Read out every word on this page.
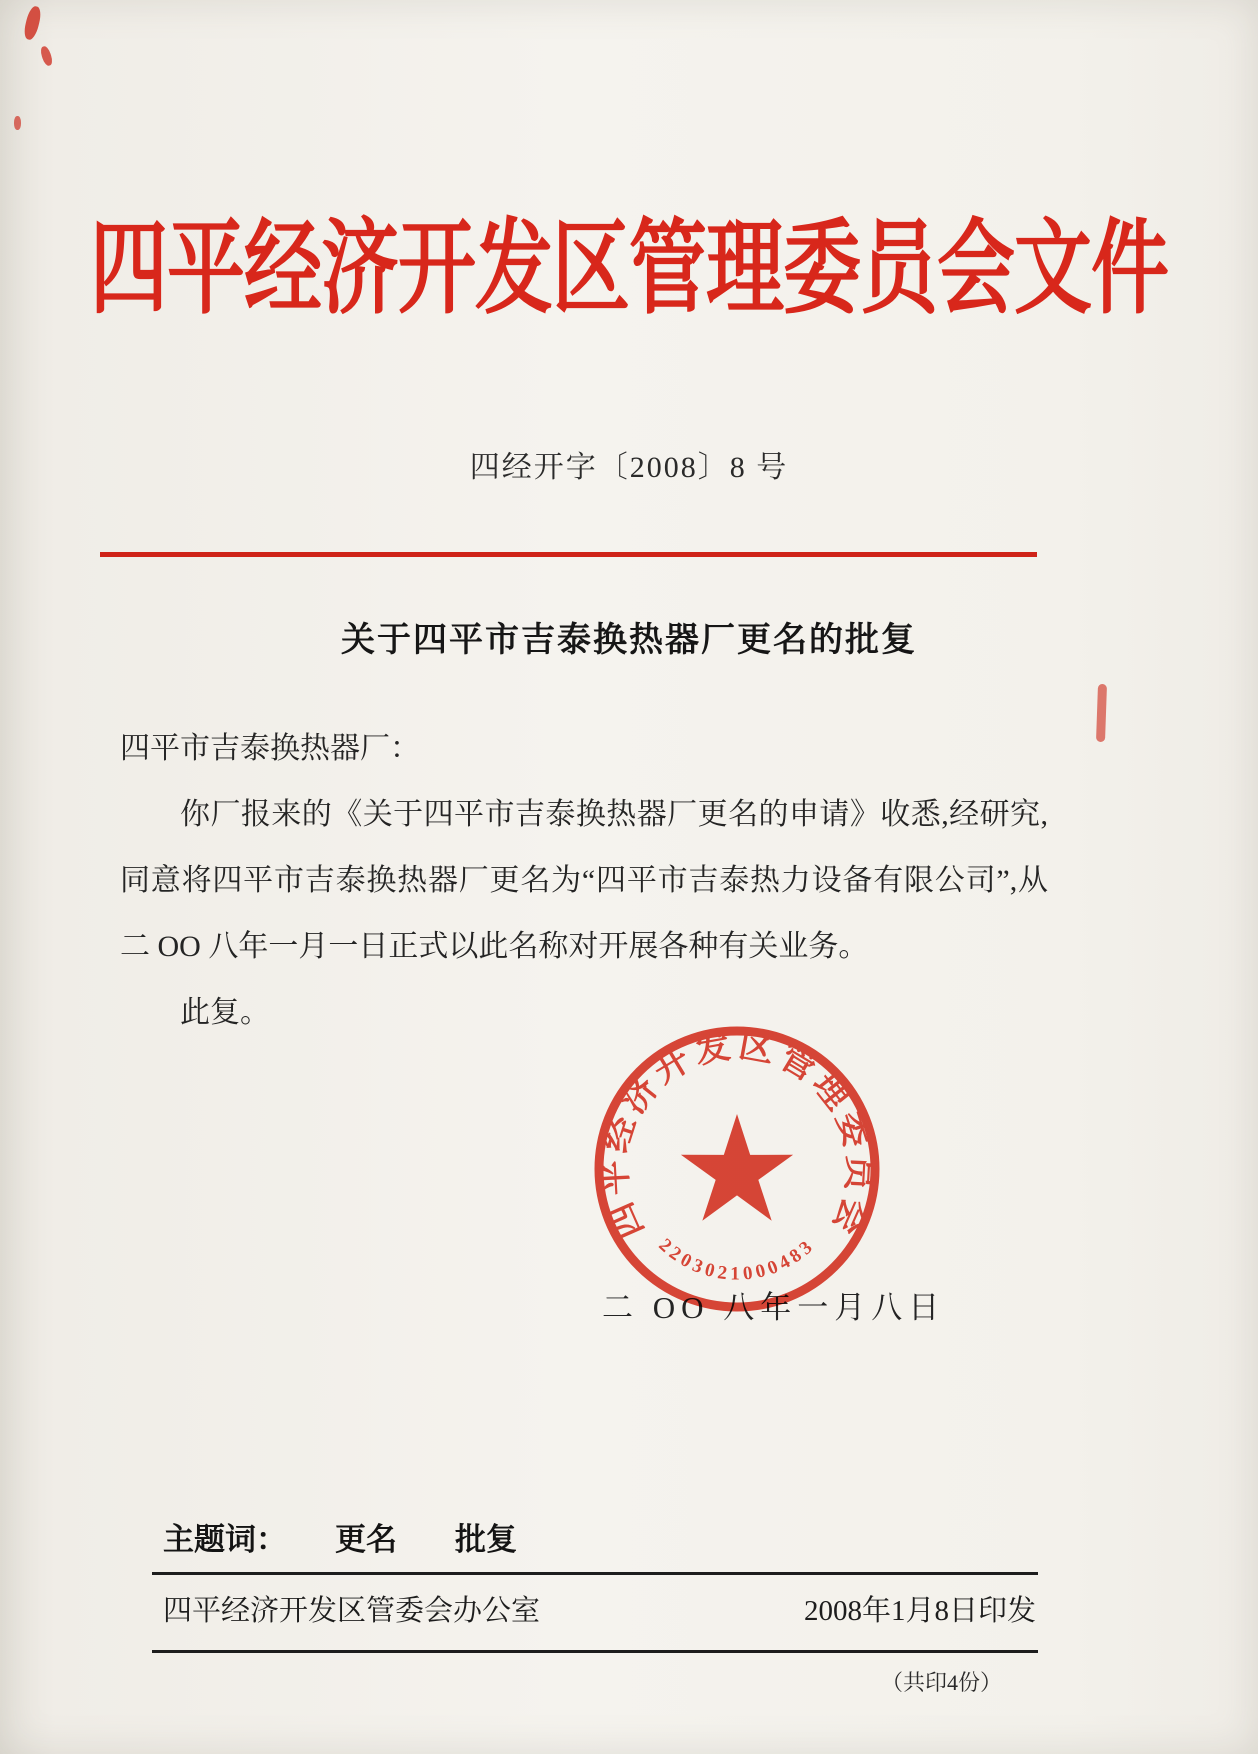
四平经济开发区管理委员会文件
四经开字〔2008〕8 号
关于四平市吉泰换热器厂更名的批复

四平市吉泰换热器厂：

你厂报来的《关于四平市吉泰换热器厂更名的申请》收悉,经研究,同意将四平市吉泰换热器厂更名为“四平市吉泰热力设备有限公司”,从二 OO 八年一月一日正式以此名称对开展各种有关业务。

此复。

二 OO 八年一月八日
四平经济开发区管理委员会
2203021000483
主题词： 更名 批复
四平经济开发区管委会办公室	2008年1月8日印发
（共印4份）
